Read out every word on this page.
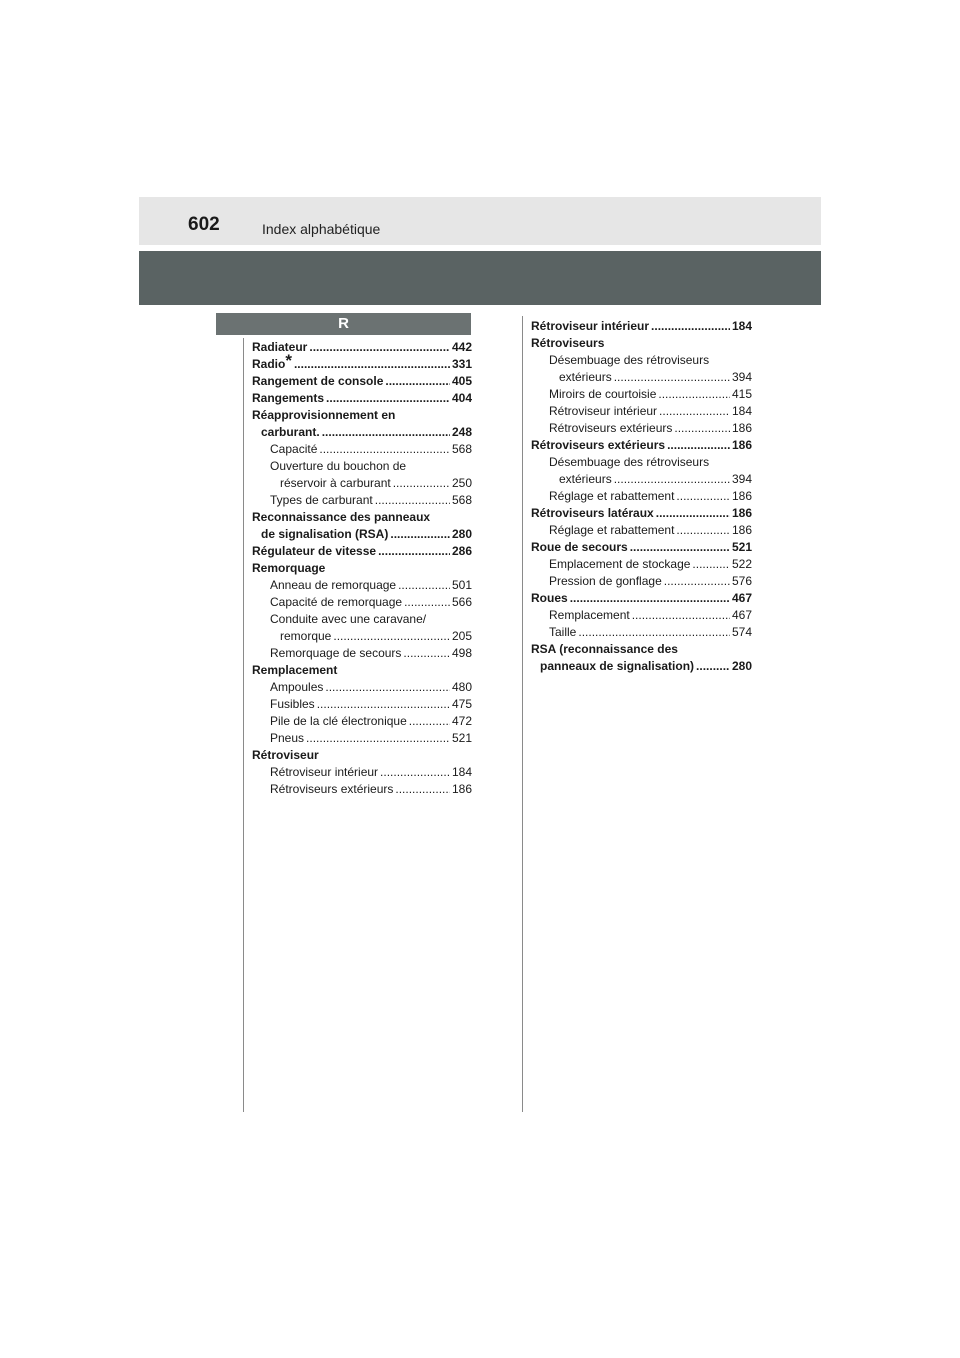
602	Index alphabétique
R
Radiateur .....	442
Radio* .....	331
Rangement de console .....	405
Rangements .....	404
Réapprovisionnement en
carburant. .....	248
Capacité .....	568
Ouverture du bouchon de
réservoir à carburant .....	250
Types de carburant .....	568
Reconnaissance des panneaux
de signalisation (RSA) .....	280
Régulateur de vitesse .....	286
Remorquage
Anneau de remorquage .....	501
Capacité de remorquage .....	566
Conduite avec une caravane/
remorque .....	205
Remorquage de secours .....	498
Remplacement
Ampoules .....	480
Fusibles .....	475
Pile de la clé électronique .....	472
Pneus .....	521
Rétroviseur
Rétroviseur intérieur .....	184
Rétroviseurs extérieurs .....	186
Rétroviseur intérieur .....	184
Rétroviseurs
Désembuage des rétroviseurs
extérieurs .....	394
Miroirs de courtoisie .....	415
Rétroviseur intérieur .....	184
Rétroviseurs extérieurs .....	186
Rétroviseurs extérieurs .....	186
Désembuage des rétroviseurs
extérieurs .....	394
Réglage et rabattement .....	186
Rétroviseurs latéraux .....	186
Réglage et rabattement .....	186
Roue de secours .....	521
Emplacement de stockage .....	522
Pression de gonflage .....	576
Roues .....	467
Remplacement .....	467
Taille .....	574
RSA (reconnaissance des
panneaux de signalisation) .....	280
